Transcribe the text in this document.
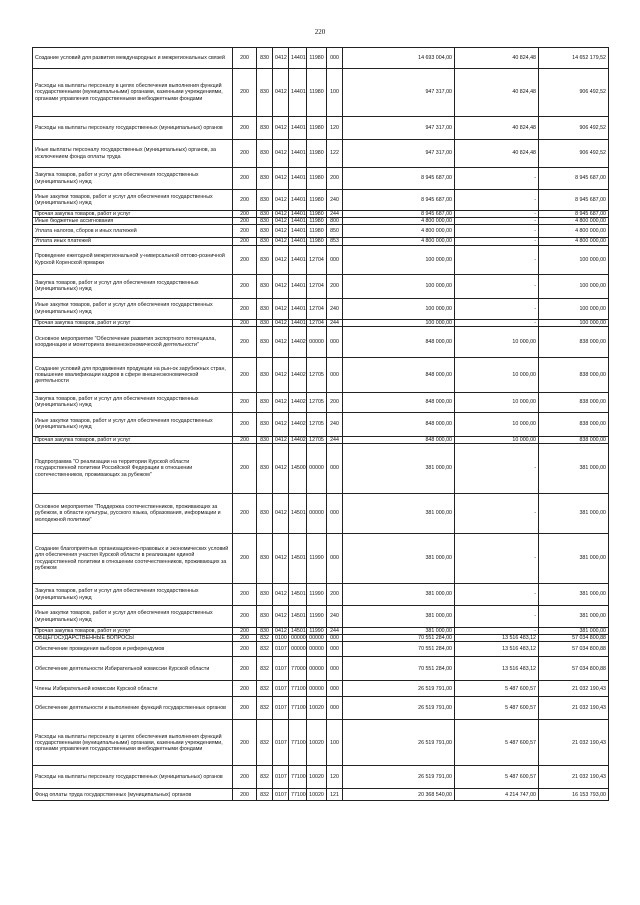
220
Создание условий для развития международных и межрегиональных связей	200	830	0412	14401	11980	000	14 693 004,00	40 824,48	14 652 179,52
Расходы на выплаты персоналу в целях обеспечения выполнения функций государственными (муниципальными) органами, казенными учреждениями, органами управления государственными внебюджетными фондами	200	830	0412	14401	11980	100	947 317,00	40 824,48	906 492,52
Расходы на выплаты персоналу государственных (муниципальных) органов	200	830	0412	14401	11980	120	947 317,00	40 824,48	906 492,52
Иные выплаты персоналу государственных (муниципальных) органов, за исключением фонда оплаты труда	200	830	0412	14401	11980	122	947 317,00	40 824,48	906 492,52
Закупка товаров, работ и услуг для обеспечения государственных (муниципальных) нужд	200	830	0412	14401	11980	200	8 945 687,00	-	8 945 687,00
Иные закупки товаров, работ и услуг для обеспечения государственных (муниципальных) нужд	200	830	0412	14401	11980	240	8 945 687,00	-	8 945 687,00
Прочая закупка товаров, работ и услуг	200	830	0412	14401	11980	244	8 945 687,00	-	8 945 687,00
Иные бюджетные ассигнования	200	830	0412	14401	11980	800	4 800 000,00	-	4 800 000,00
Уплата налогов, сборов и иных платежей	200	830	0412	14401	11980	850	4 800 000,00	-	4 800 000,00
Уплата иных платежей	200	830	0412	14401	11980	853	4 800 000,00	-	4 800 000,00
Проведение ежегодной межрегиональной у-ниверсальной оптово-розничной Курской Коренской ярмарки	200	830	0412	14401	12704	000	100 000,00	-	100 000,00
Закупка товаров, работ и услуг для обеспечения государственных (муниципальных) нужд	200	830	0412	14401	12704	200	100 000,00	-	100 000,00
Иные закупки товаров, работ и услуг для обеспечения государственных (муниципальных) нужд	200	830	0412	14401	12704	240	100 000,00	-	100 000,00
Прочая закупка товаров, работ и услуг	200	830	0412	14401	12704	244	100 000,00	-	100 000,00
Основное мероприятие "Обеспечение развития экспортного потенциала, координации и мониторинга внешнеэкономической деятельности"	200	830	0412	14402	00000	000	848 000,00	10 000,00	838 000,00
Создание условий для продвижения продукции на рын-ок зарубежных стран, повышение квалификации кадров в сфере внешнеэкономической деятельности	200	830	0412	14402	12705	000	848 000,00	10 000,00	838 000,00
Закупка товаров, работ и услуг для обеспечения государственных (муниципальных) нужд	200	830	0412	14402	12705	200	848 000,00	10 000,00	838 000,00
Иные закупки товаров, работ и услуг для обеспечения государственных (муниципальных) нужд	200	830	0412	14402	12705	240	848 000,00	10 000,00	838 000,00
Прочая закупка товаров, работ и услуг	200	830	0412	14402	12705	244	848 000,00	10 000,00	838 000,00
Подпрограмма "О реализации на территории Курской области государственной политики Российской Федерации в отношении соотечественников, проживающих за рубежом"	200	830	0412	14500	00000	000	381 000,00	-	381 000,00
Основное мероприятие "Поддержка соотечественников, проживающих за рубежом, в области культуры, русского языка, образования, информации и молодежной политики"	200	830	0412	14501	00000	000	381 000,00	-	381 000,00
Создание благоприятных организационно-правовых и экономических условий для обеспечения участия Курской области в реализации единой государственной политики в отношении соотечественников, проживающих за рубежом	200	830	0412	14501	11990	000	381 000,00	-	381 000,00
Закупка товаров, работ и услуг для обеспечения государственных (муниципальных) нужд	200	830	0412	14501	11990	200	381 000,00	-	381 000,00
Иные закупки товаров, работ и услуг для обеспечения государственных (муниципальных) нужд	200	830	0412	14501	11990	240	381 000,00	-	381 000,00
Прочая закупка товаров, работ и услуг	200	830	0412	14501	11990	244	381 000,00	-	381 000,00
ОБЩЕГОСУДАРСТВЕННЫЕ ВОПРОСЫ	200	832	0100	00000	00000	000	70 551 284,00	13 516 483,12	57 034 800,88
Обеспечение проведения выборов и референдумов	200	832	0107	00000	00000	000	70 551 284,00	13 516 483,12	57 034 800,88
Обеспечение деятельности Избирательной комиссии Курской области	200	832	0107	77000	00000	000	70 551 284,00	13 516 483,12	57 034 800,88
Члены Избирательной комиссии Курской области	200	832	0107	77100	00000	000	26 519 791,00	5 487 600,57	21 032 190,43
Обеспечение деятельности и выполнение функций государственных органов	200	832	0107	77100	10020	000	26 519 791,00	5 487 600,57	21 032 190,43
Расходы на выплаты персоналу в целях обеспечения выполнения функций государственными (муниципальными) органами, казенными учреждениями, органами управления государственными внебюджетными фондами	200	832	0107	77100	10020	100	26 519 791,00	5 487 600,57	21 032 190,43
Расходы на выплаты персоналу государственных (муниципальных) органов	200	832	0107	77100	10020	120	26 519 791,00	5 487 600,57	21 032 190,43
Фонд оплаты труда государственных (муниципальных) органов	200	832	0107	77100	10020	121	20 368 540,00	4 214 747,00	16 153 793,00
